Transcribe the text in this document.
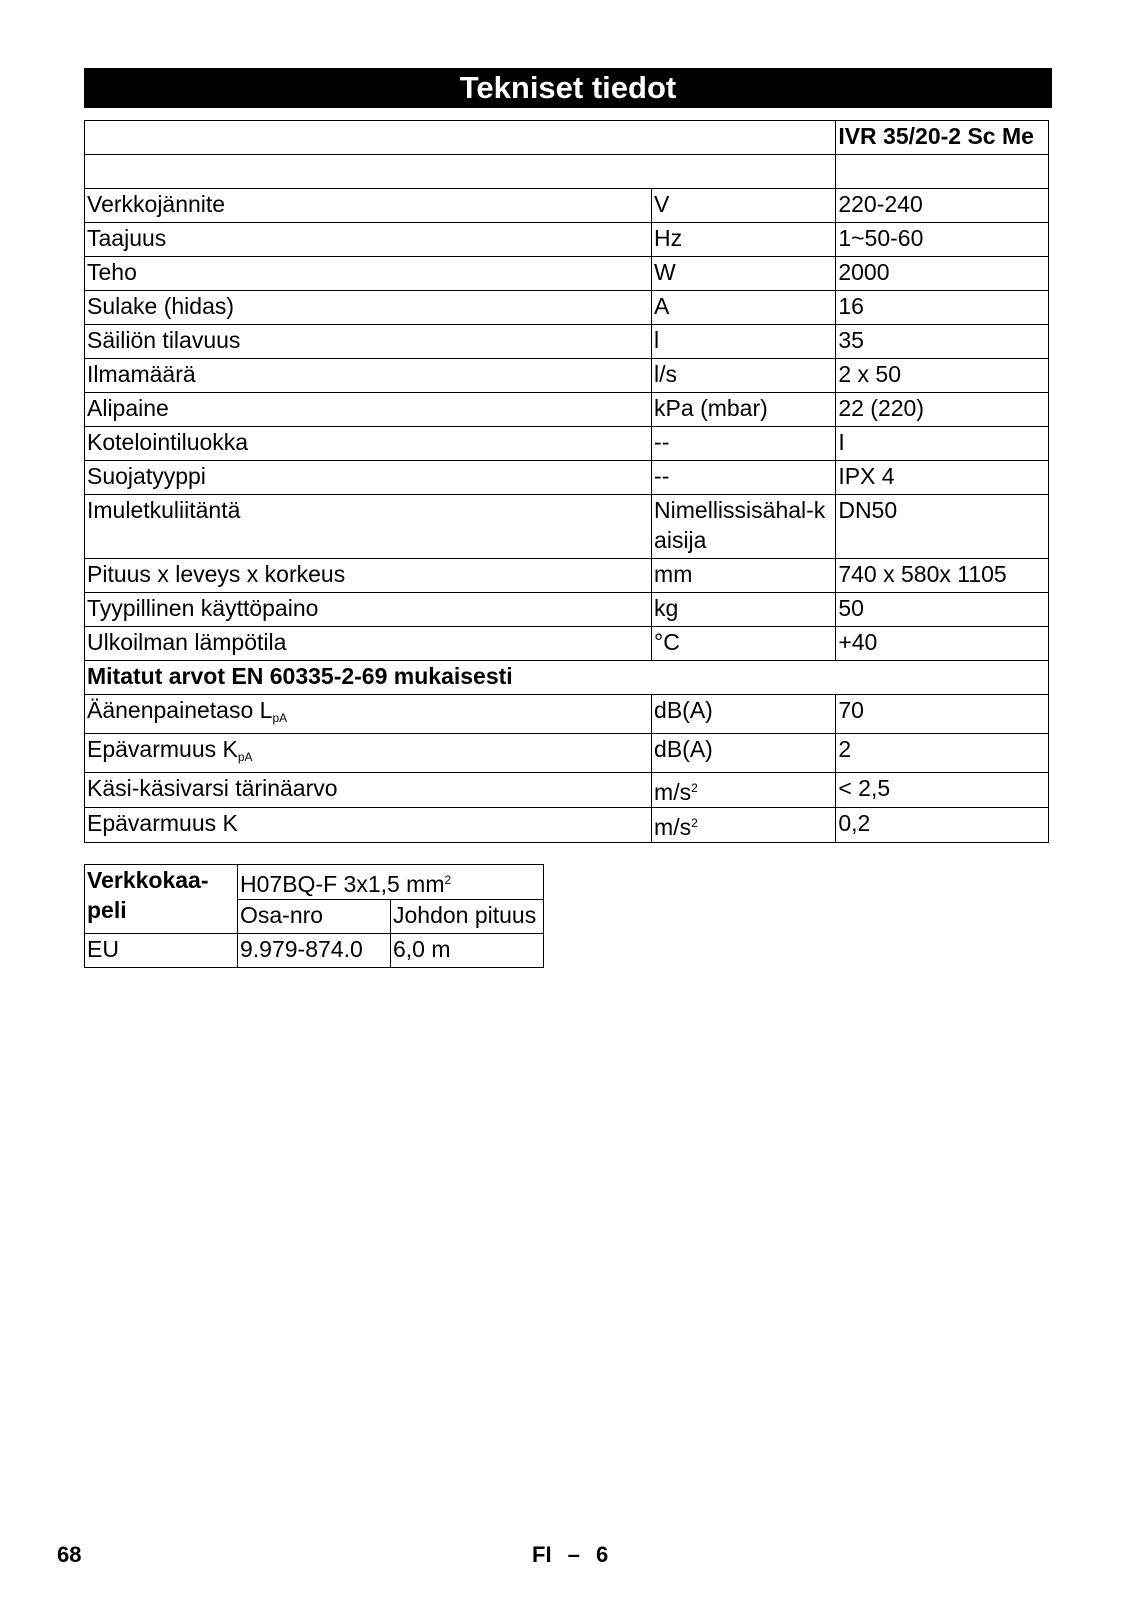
Tekniset tiedot
		IVR 35/20-2 Sc Me

Verkkojännite	V	220-240
Taajuus	Hz	1~50-60
Teho	W	2000
Sulake (hidas)	A	16
Säiliön tilavuus	l	35
Ilmamäärä	l/s	2 x 50
Alipaine	kPa (mbar)	22 (220)
Kotelointiluokka	--	I
Suojatyyppi	--	IPX 4
Imuletkuliitäntä	Nimellissisähal-kaisija	DN50
Pituus x leveys x korkeus	mm	740 x 580x 1105
Tyypillinen käyttöpaino	kg	50
Ulkoilman lämpötila	°C	+40
Mitatut arvot EN 60335-2-69 mukaisesti		
Äänenpainetaso $L_{pA}$	dB(A)	70
Epävarmuus $K_{pA}$	dB(A)	2
Käsi-käsivarsi tärinäarvo	$m/s^2$	< 2,5
Epävarmuus K	$m/s^2$	0,2
Verkkokaa-peli	H07BQ-F 3x1,5 $mm^2$
	Osa-nro	Johdon pituus
EU	9.979-874.0	6,0 m
68	FI – 6
